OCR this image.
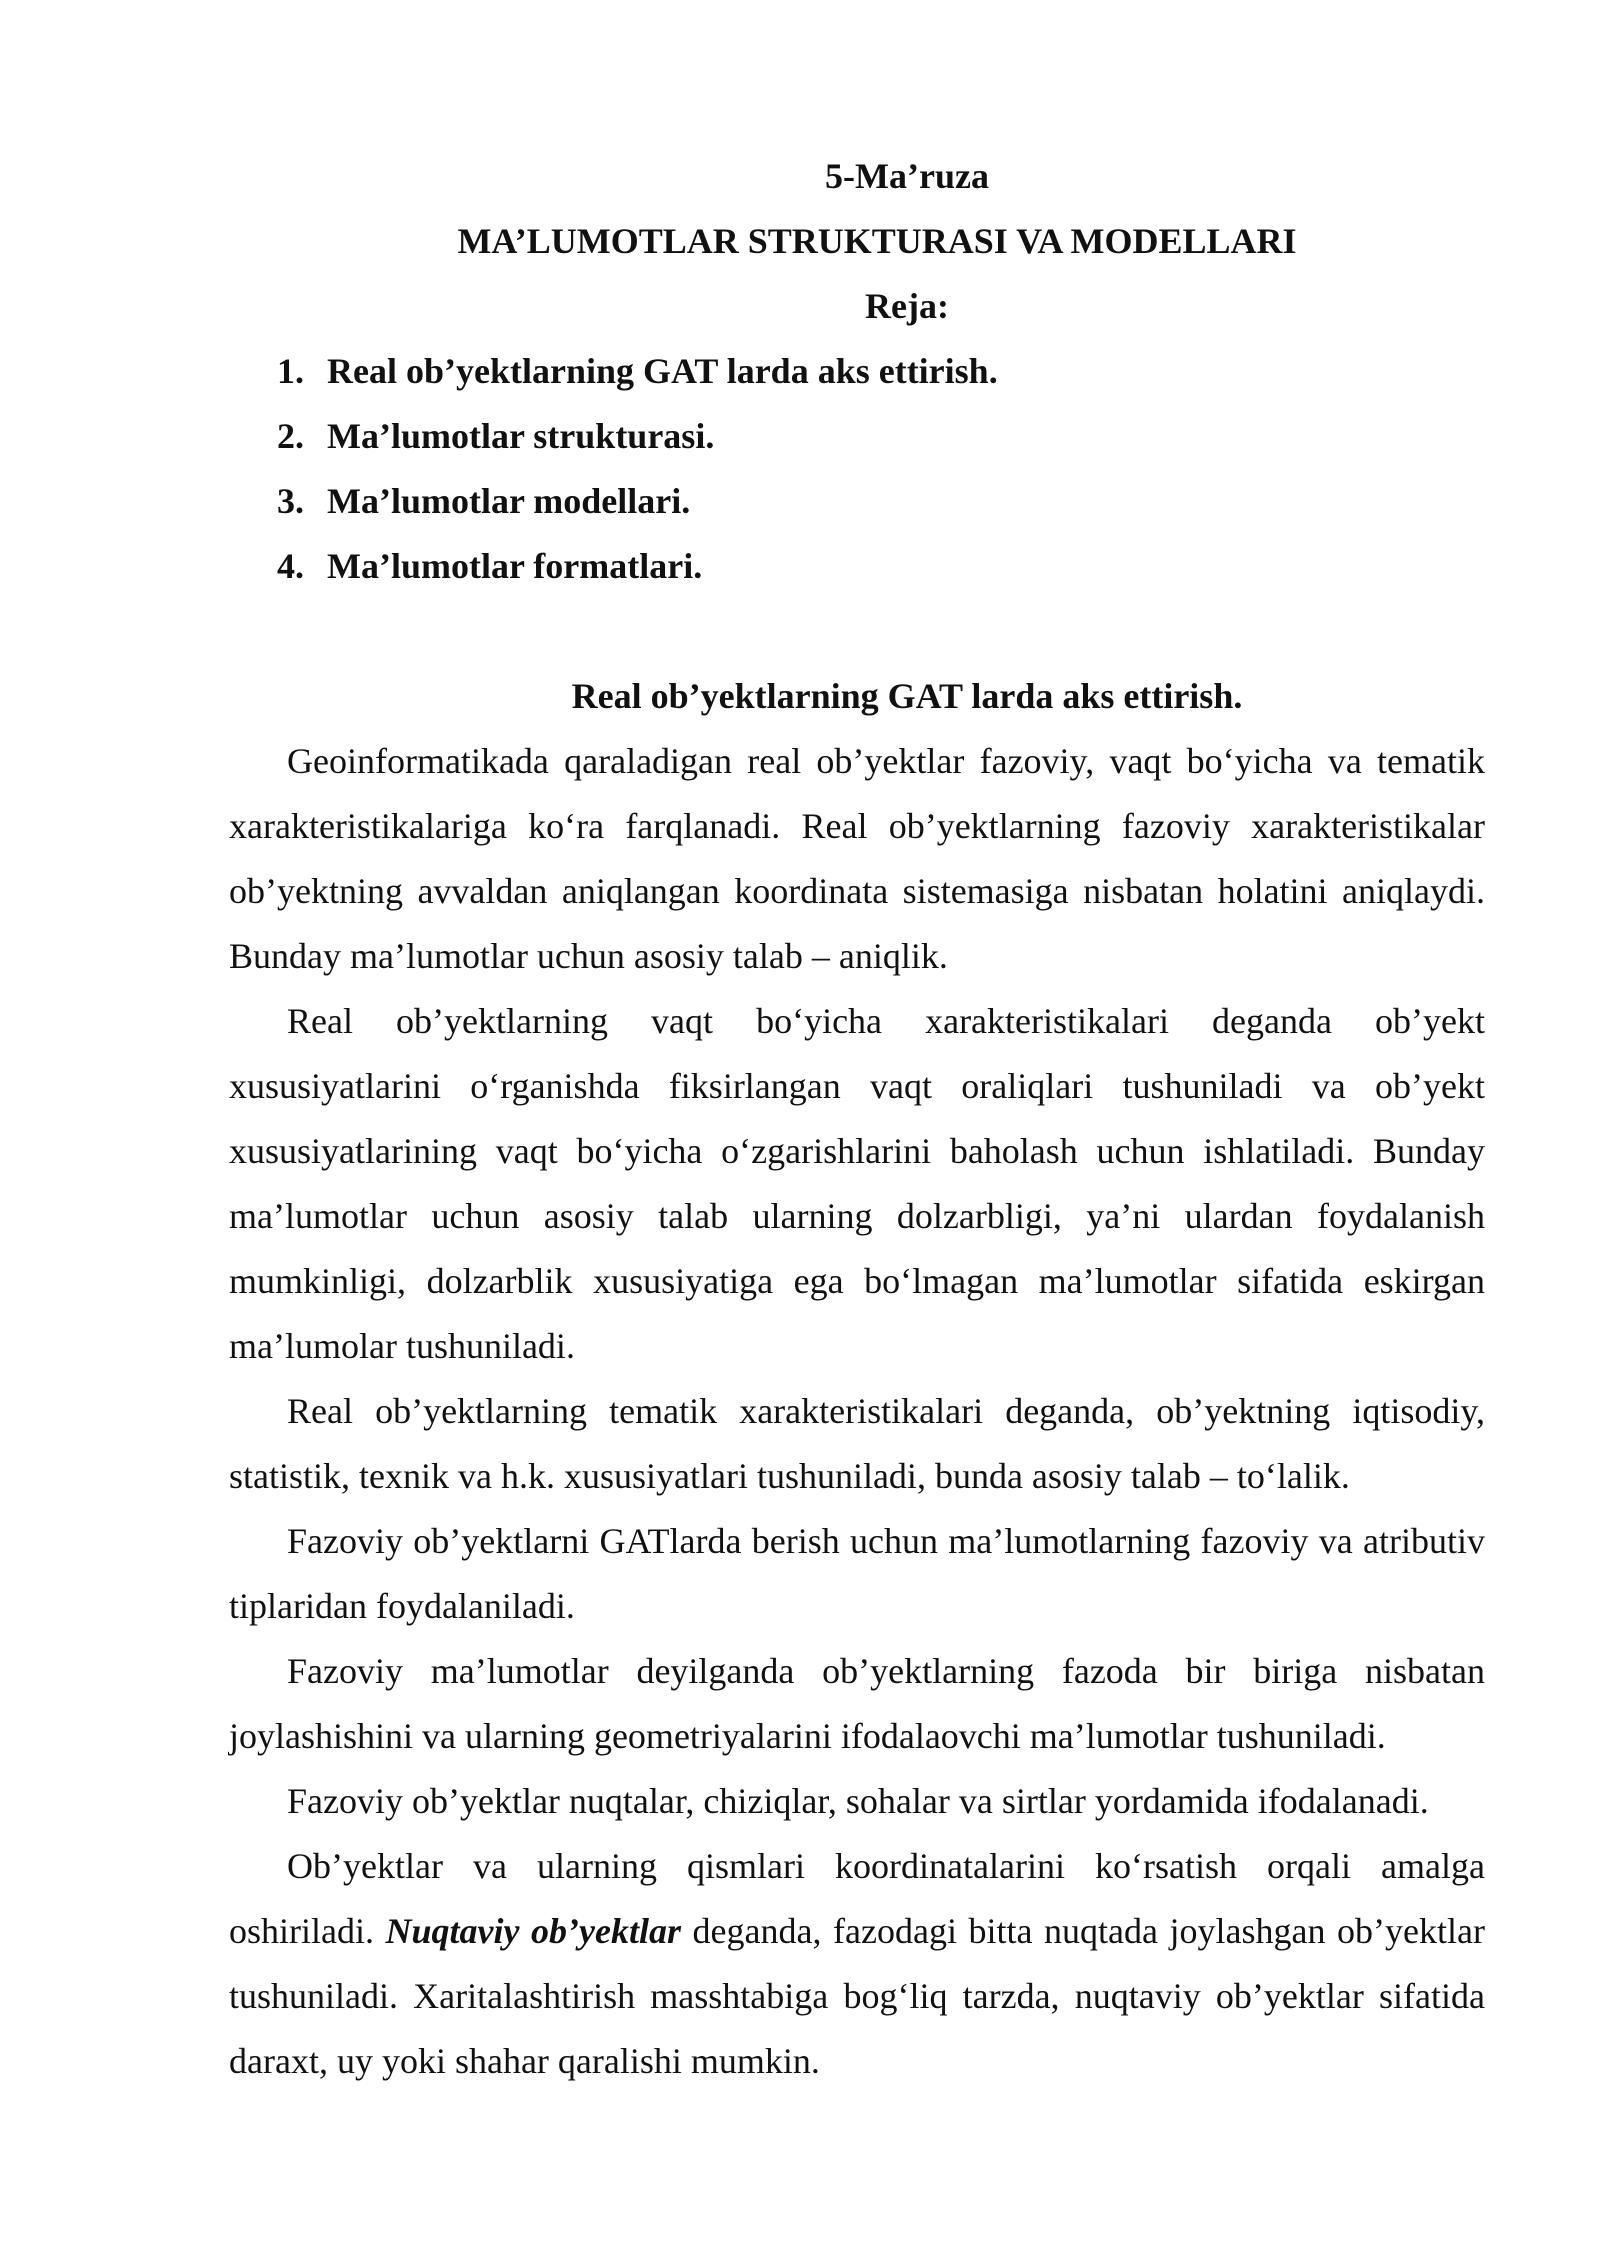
5-Ma’ruza

MA’LUMOTLAR STRUKTURASI VA MODELLARI

Reja:

1. Real ob’yektlarning GAT larda aks ettirish.
2. Ma’lumotlar strukturasi.
3. Ma’lumotlar modellari.
4. Ma’lumotlar formatlari.

Real ob’yektlarning GAT larda aks ettirish.

Geoinformatikada qaraladigan real ob’yektlar fazoviy, vaqt bo‘yicha va tematik xarakteristikalariga ko‘ra farqlanadi. Real ob’yektlarning fazoviy xarakteristikalar ob’yektning avvaldan aniqlangan koordinata sistemasiga nisbatan holatini aniqlaydi. Bunday ma’lumotlar uchun asosiy talab – aniqlik.

Real ob’yektlarning vaqt bo‘yicha xarakteristikalari deganda ob’yekt xususiyatlarini o‘rganishda fiksirlangan vaqt oraliqlari tushuniladi va ob’yekt xususiyatlarining vaqt bo‘yicha o‘zgarishlarini baholash uchun ishlatiladi. Bunday ma’lumotlar uchun asosiy talab ularning dolzarbligi, ya’ni ulardan foydalanish mumkinligi, dolzarblik xususiyatiga ega bo‘lmagan ma’lumotlar sifatida eskirgan ma’lumolar tushuniladi.

Real ob’yektlarning tematik xarakteristikalari deganda, ob’yektning iqtisodiy, statistik, texnik va h.k. xususiyatlari tushuniladi, bunda asosiy talab – to‘lalik.

Fazoviy ob’yektlarni GATlarda berish uchun ma’lumotlarning fazoviy va atributiv tiplaridan foydalaniladi.

Fazoviy ma’lumotlar deyilganda ob’yektlarning fazoda bir biriga nisbatan joylashishini va ularning geometriyalarini ifodalaovchi ma’lumotlar tushuniladi.

Fazoviy ob’yektlar nuqtalar, chiziqlar, sohalar va sirtlar yordamida ifodalanadi.

Ob’yektlar va ularning qismlari koordinatalarini ko‘rsatish orqali amalga oshiriladi. Nuqtaviy ob’yektlar deganda, fazodagi bitta nuqtada joylashgan ob’yektlar tushuniladi. Xaritalashtirish masshtabiga bog‘liq tarzda, nuqtaviy ob’yektlar sifatida daraxt, uy yoki shahar qaralishi mumkin.
